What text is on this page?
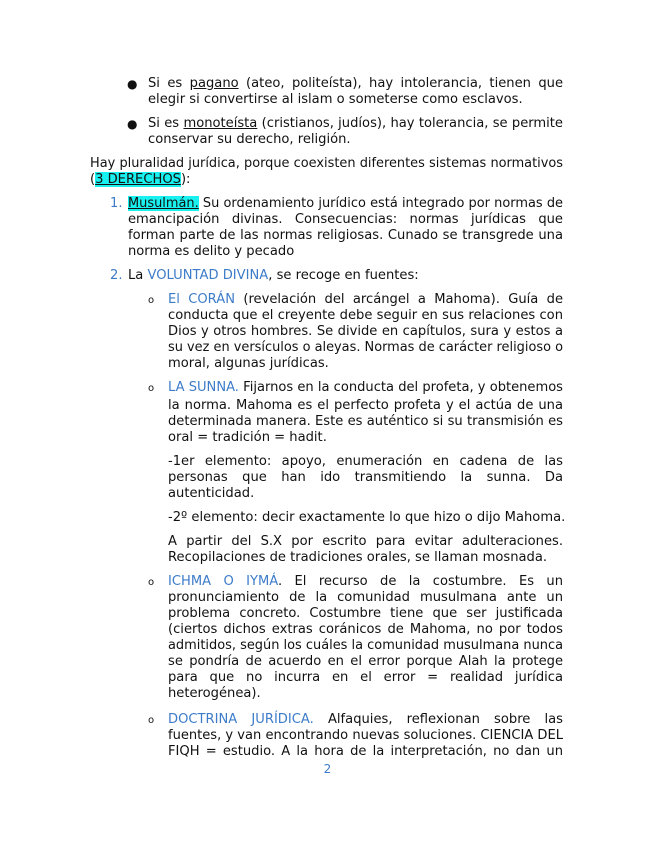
● Si es pagano (ateo, politeísta), hay intolerancia, tienen que
elegir si convertirse al islam o someterse como esclavos.
● Si es monoteísta (cristianos, judíos), hay tolerancia, se permite
conservar su derecho, religión.
Hay pluralidad jurídica, porque coexisten diferentes sistemas normativos
(3 DERECHOS):
1. Musulmán. Su ordenamiento jurídico está integrado por normas de
emancipación divinas. Consecuencias: normas jurídicas que
forman parte de las normas religiosas. Cunado se transgrede una
norma es delito y pecado
2. La VOLUNTAD DIVINA, se recoge en fuentes:
o El CORÁN (revelación del arcángel a Mahoma). Guía de
conducta que el creyente debe seguir en sus relaciones con
Dios y otros hombres. Se divide en capítulos, sura y estos a
su vez en versículos o aleyas. Normas de carácter religioso o
moral, algunas jurídicas.
o LA SUNNA. Fijarnos en la conducta del profeta, y obtenemos
la norma. Mahoma es el perfecto profeta y el actúa de una
determinada manera. Este es auténtico si su transmisión es
oral = tradición = hadit.
-1er elemento: apoyo, enumeración en cadena de las
personas que han ido transmitiendo la sunna. Da
autenticidad.
-2º elemento: decir exactamente lo que hizo o dijo Mahoma.
A partir del S.X por escrito para evitar adulteraciones.
Recopilaciones de tradiciones orales, se llaman mosnada.
o ICHMA O IYMÁ. El recurso de la costumbre. Es un
pronunciamiento de la comunidad musulmana ante un
problema concreto. Costumbre tiene que ser justificada
(ciertos dichos extras coránicos de Mahoma, no por todos
admitidos, según los cuáles la comunidad musulmana nunca
se pondría de acuerdo en el error porque Alah la protege
para que no incurra en el error = realidad jurídica
heterogénea).
o DOCTRINA JURÍDICA. Alfaquies, reflexionan sobre las
fuentes, y van encontrando nuevas soluciones. CIENCIA DEL
FIQH = estudio. A la hora de la interpretación, no dan un
2
